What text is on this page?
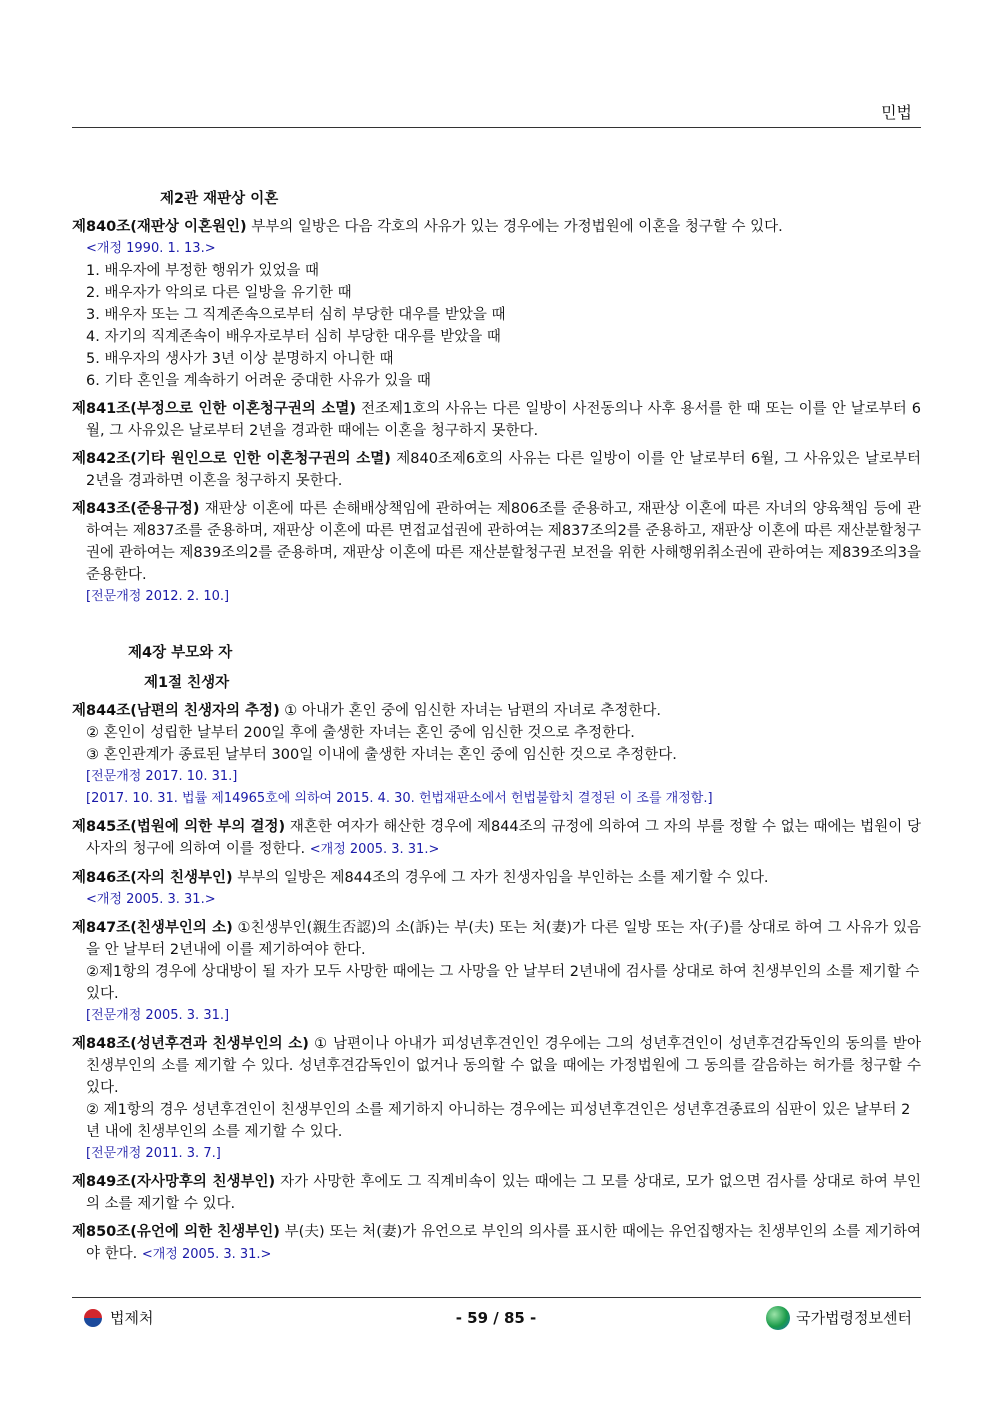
민법
제2관 재판상 이혼
제840조(재판상 이혼원인) 부부의 일방은 다음 각호의 사유가 있는 경우에는 가정법원에 이혼을 청구할 수 있다.
<개정 1990. 1. 13.>
1. 배우자에 부정한 행위가 있었을 때
2. 배우자가 악의로 다른 일방을 유기한 때
3. 배우자 또는 그 직계존속으로부터 심히 부당한 대우를 받았을 때
4. 자기의 직계존속이 배우자로부터 심히 부당한 대우를 받았을 때
5. 배우자의 생사가 3년 이상 분명하지 아니한 때
6. 기타 혼인을 계속하기 어려운 중대한 사유가 있을 때
제841조(부정으로 인한 이혼청구권의 소멸) 전조제1호의 사유는 다른 일방이 사전동의나 사후 용서를 한 때 또는 이를 안 날로부터 6월, 그 사유있은 날로부터 2년을 경과한 때에는 이혼을 청구하지 못한다.
제842조(기타 원인으로 인한 이혼청구권의 소멸) 제840조제6호의 사유는 다른 일방이 이를 안 날로부터 6월, 그 사유있은 날로부터 2년을 경과하면 이혼을 청구하지 못한다.
제843조(준용규정) 재판상 이혼에 따른 손해배상책임에 관하여는 제806조를 준용하고, 재판상 이혼에 따른 자녀의 양육책임 등에 관하여는 제837조를 준용하며, 재판상 이혼에 따른 면접교섭권에 관하여는 제837조의2를 준용하고, 재판상 이혼에 따른 재산분할청구권에 관하여는 제839조의2를 준용하며, 재판상 이혼에 따른 재산분할청구권 보전을 위한 사해행위취소권에 관하여는 제839조의3을 준용한다.
[전문개정 2012. 2. 10.]
제4장 부모와 자
제1절 친생자
제844조(남편의 친생자의 추정) ① 아내가 혼인 중에 임신한 자녀는 남편의 자녀로 추정한다.
② 혼인이 성립한 날부터 200일 후에 출생한 자녀는 혼인 중에 임신한 것으로 추정한다.
③ 혼인관계가 종료된 날부터 300일 이내에 출생한 자녀는 혼인 중에 임신한 것으로 추정한다.
[전문개정 2017. 10. 31.]
[2017. 10. 31. 법률 제14965호에 의하여 2015. 4. 30. 헌법재판소에서 헌법불합치 결정된 이 조를 개정함.]
제845조(법원에 의한 부의 결정) 재혼한 여자가 해산한 경우에 제844조의 규정에 의하여 그 자의 부를 정할 수 없는 때에는 법원이 당사자의 청구에 의하여 이를 정한다. <개정 2005. 3. 31.>
제846조(자의 친생부인) 부부의 일방은 제844조의 경우에 그 자가 친생자임을 부인하는 소를 제기할 수 있다.
<개정 2005. 3. 31.>
제847조(친생부인의 소) ①친생부인(親生否認)의 소(訴)는 부(夫) 또는 처(妻)가 다른 일방 또는 자(子)를 상대로 하여 그 사유가 있음을 안 날부터 2년내에 이를 제기하여야 한다.
②제1항의 경우에 상대방이 될 자가 모두 사망한 때에는 그 사망을 안 날부터 2년내에 검사를 상대로 하여 친생부인의 소를 제기할 수 있다.
[전문개정 2005. 3. 31.]
제848조(성년후견과 친생부인의 소) ① 남편이나 아내가 피성년후견인인 경우에는 그의 성년후견인이 성년후견감독인의 동의를 받아 친생부인의 소를 제기할 수 있다. 성년후견감독인이 없거나 동의할 수 없을 때에는 가정법원에 그 동의를 갈음하는 허가를 청구할 수 있다.
② 제1항의 경우 성년후견인이 친생부인의 소를 제기하지 아니하는 경우에는 피성년후견인은 성년후견종료의 심판이 있은 날부터 2년 내에 친생부인의 소를 제기할 수 있다.
[전문개정 2011. 3. 7.]
제849조(자사망후의 친생부인) 자가 사망한 후에도 그 직계비속이 있는 때에는 그 모를 상대로, 모가 없으면 검사를 상대로 하여 부인의 소를 제기할 수 있다.
제850조(유언에 의한 친생부인) 부(夫) 또는 처(妻)가 유언으로 부인의 의사를 표시한 때에는 유언집행자는 친생부인의 소를 제기하여야 한다. <개정 2005. 3. 31.>
법제처	- 59 / 85 -	국가법령정보센터
